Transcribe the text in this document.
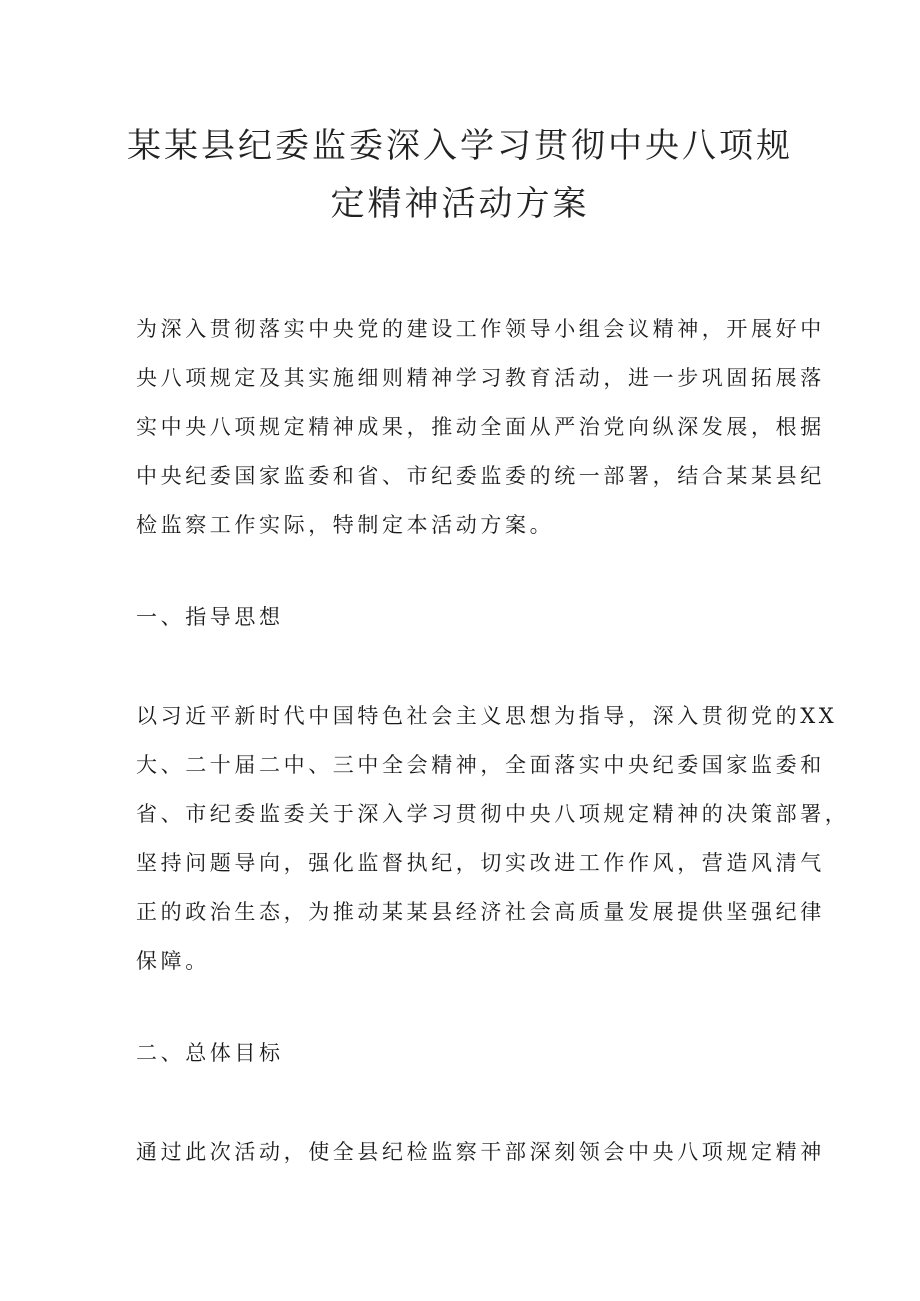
某某县纪委监委深入学习贯彻中央八项规
定精神活动方案
为深入贯彻落实中央党的建设工作领导小组会议精神，开展好中
央八项规定及其实施细则精神学习教育活动，进一步巩固拓展落
实中央八项规定精神成果，推动全面从严治党向纵深发展，根据
中央纪委国家监委和省、市纪委监委的统一部署，结合某某县纪
检监察工作实际，特制定本活动方案。
一、指导思想
以习近平新时代中国特色社会主义思想为指导，深入贯彻党的XX
大、二十届二中、三中全会精神，全面落实中央纪委国家监委和
省、市纪委监委关于深入学习贯彻中央八项规定精神的决策部署，
坚持问题导向，强化监督执纪，切实改进工作作风，营造风清气
正的政治生态，为推动某某县经济社会高质量发展提供坚强纪律
保障。
二、总体目标
通过此次活动，使全县纪检监察干部深刻领会中央八项规定精神
